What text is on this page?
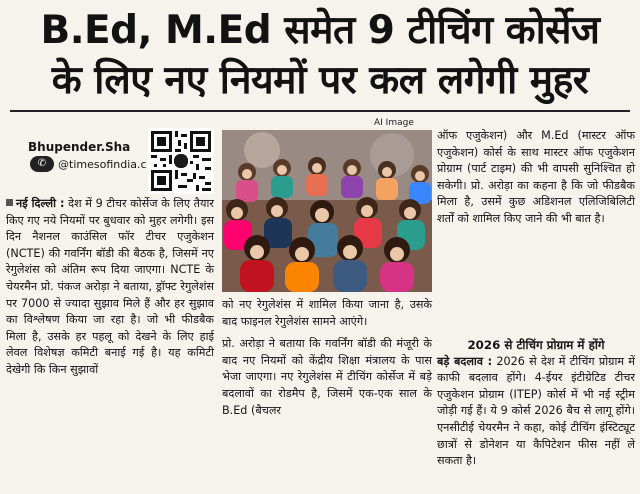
B.Ed, M.Ed समेत 9 टीचिंग कोर्सेज
के लिए नए नियमों पर कल लगेगी मुहर
Bhupender.Sha
✆	@timesofindia.c
AI Image

नई दिल्ली : देश में 9 टीचर कोर्सेज के लिए तैयार किए गए नये नियमों पर बुधवार को मुहर लगेगी। इस दिन नैशनल काउंसिल फॉर टीचर एजुकेशन (NCTE) की गवर्निंग बॉडी की बैठक है, जिसमें नए रेगुलेशंस को अंतिम रूप दिया जाएगा। NCTE के चेयरमैन प्रो. पंकज अरोड़ा ने बताया, ड्रॉफ्ट रेगुलेशंस पर 7000 से ज्यादा सुझाव मिले हैं और हर सुझाव का विश्लेषण किया जा रहा है। जो भी फीडबैक मिला है, उसके हर पहलू को देखने के लिए हाई लेवल विशेषज्ञ कमिटी बनाई गई है। यह कमिटी देखेगी कि किन सुझावों

को नए रेगुलेशंस में शामिल किया जाना है, उसके बाद फाइनल रेगुलेशंस सामने आएंगे।

प्रो. अरोड़ा ने बताया कि गवर्निंग बॉडी की मंजूरी के बाद नए नियमों को केंद्रीय शिक्षा मंत्रालय के पास भेजा जाएगा। नए रेगुलेशंस में टीचिंग कोर्सेज में बड़े बदलावों का रोडमैप है, जिसमें एक-एक साल के B.Ed (बैचलर

ऑफ एजुकेशन) और M.Ed (मास्टर ऑफ एजुकेशन) कोर्स के साथ मास्टर ऑफ एजुकेशन प्रोग्राम (पार्ट टाइम) की भी वापसी सुनिश्चित हो सकेगी। प्रो. अरोड़ा का कहना है कि जो फीडबैक मिला है, उसमें कुछ अडिशनल एलिजिबिलिटी शर्तों को शामिल किए जाने की भी बात है।

2026 से टीचिंग प्रोग्राम में होंगे

बड़े बदलाव : 2026 से देश में टीचिंग प्रोग्राम में काफी बदलाव होंगे। 4-ईयर इंटीग्रेटिड टीचर एजुकेशन प्रोग्राम (ITEP) कोर्स में भी नई स्ट्रीम जोड़ी गई हैं। ये 9 कोर्स 2026 बैच से लागू होंगे। एनसीटीई चेयरमैन ने कहा, कोई टीचिंग इंस्टिट्यूट छात्रों से डोनेशन या कैपिटेशन फीस नहीं ले सकता है।
